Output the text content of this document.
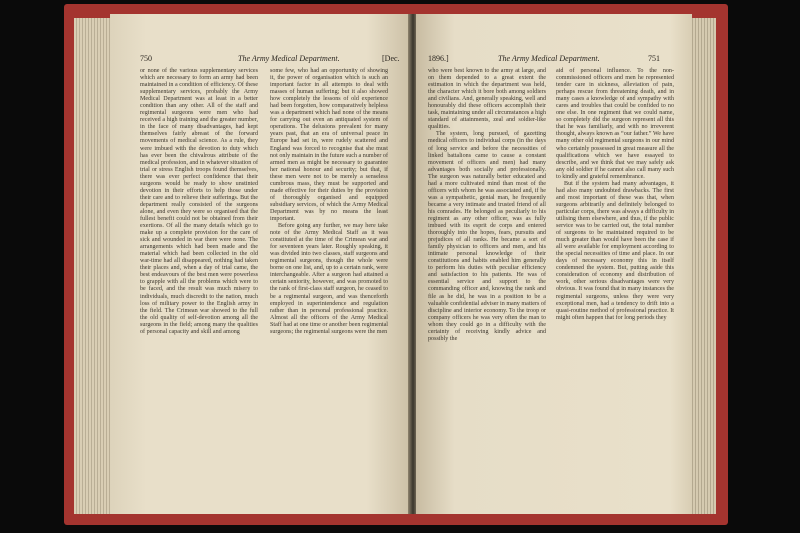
750	The Army Medical Department.	[Dec.

or none of the various supplementary services which are necessary to form an army had been maintained in a condition of efficiency. Of these supplementary services, probably the Army Medical Department was at least in a better condition than any other. All of the staff and regimental surgeons were men who had received a high training and the greater number, in the face of many disadvantages, had kept themselves fairly abreast of the forward movements of medical science. As a rule, they were imbued with the devotion to duty which has ever been the chivalrous attribute of the medical profession, and in whatever situation of trial or stress English troops found themselves, there was ever perfect confidence that their surgeons would be ready to show unstinted devotion in their efforts to help those under their care and to relieve their sufferings. But the department really consisted of the surgeons alone, and even they were so organised that the fullest benefit could not be obtained from their exertions. Of all the many details which go to make up a complete provision for the care of sick and wounded in war there were none. The arrangements which had been made and the material which had been collected in the old war-time had all disappeared, nothing had taken their places and, when a day of trial came, the best endeavours of the best men were powerless to grapple with all the problems which were to be faced, and the result was much misery to individuals, much discredit to the nation, much loss of military power to the English army in the field. The Crimean war showed to the full the old quality of self-devotion among all the surgeons in the field; among many the qualities of personal capacity and skill and among

some few, who had an opportunity of showing it, the power of organisation which is such an important factor in all attempts to deal with masses of human suffering; but it also showed how completely the lessons of old experience had been forgotten, how comparatively helpless was a department which had none of the means for carrying out even an antiquated system of operations. The delusions prevalent for many years past, that an era of universal peace in Europe had set in, were rudely scattered and England was forced to recognise that she must not only maintain in the future such a number of armed men as might be necessary to guarantee her national honour and security; but that, if these men were not to be merely a senseless cumbrous mass, they must be supported and made effective for their duties by the provision of thoroughly organised and equipped subsidiary services, of which the Army Medical Department was by no means the least important.

Before going any further, we may here take note of the Army Medical Staff as it was constituted at the time of the Crimean war and for seventeen years later. Roughly speaking, it was divided into two classes, staff surgeons and regimental surgeons, though the whole were borne on one list, and, up to a certain rank, were interchangeable. After a surgeon had attained a certain seniority, however, and was promoted to the rank of first-class staff surgeon, he ceased to be a regimental surgeon, and was thenceforth employed in superintendence and regulation rather than in personal professional practice. Almost all the officers of the Army Medical Staff had at one time or another been regimental surgeons; the regimental surgeons were the men

1896.]	The Army Medical Department.	751

who were best known to the army at large, and on them depended to a great extent the estimation in which the department was held, the character which it bore both among soldiers and civilians. And, generally speaking, well and honourably did these officers accomplish their task, maintaining under all circumstances a high standard of attainments, zeal and soldier-like qualities.

The system, long pursued, of gazetting medical officers to individual corps (in the days of long service and before the necessities of linked battalions came to cause a constant movement of officers and men) had many advantages both socially and professionally. The surgeon was naturally better educated and had a more cultivated mind than most of the officers with whom he was associated and, if he was a sympathetic, genial man, he frequently became a very intimate and trusted friend of all his comrades. He belonged as peculiarly to his regiment as any other officer, was as fully imbued with its esprit de corps and entered thoroughly into the hopes, fears, pursuits and prejudices of all ranks. He became a sort of family physician to officers and men, and his intimate personal knowledge of their constitutions and habits enabled him generally to perform his duties with peculiar efficiency and satisfaction to his patients. He was of essential service and support to the commanding officer and, knowing the rank and file as he did, he was in a position to be a valuable confidential adviser in many matters of discipline and interior economy. To the troop or company officers he was very often the man to whom they could go in a difficulty with the certainty of receiving kindly advice and possibly the

aid of personal influence. To the non-commissioned officers and men he represented tender care in sickness, alleviation of pain, perhaps rescue from threatening death, and in many cases a knowledge of and sympathy with cares and troubles that could be confided to no one else. In one regiment that we could name, so completely did the surgeon represent all this that he was familiarly, and with no irreverent thought, always known as “our father.” We have many other old regimental surgeons in our mind who certainly possessed in great measure all the qualifications which we have essayed to describe, and we think that we may safely ask any old soldier if he cannot also call many such to kindly and grateful remembrance.

But if the system had many advantages, it had also many undoubted drawbacks. The first and most important of these was that, when surgeons arbitrarily and definitely belonged to particular corps, there was always a difficulty in utilising them elsewhere, and thus, if the public service was to be carried out, the total number of surgeons to be maintained required to be much greater than would have been the case if all were available for employment according to the special necessities of time and place. In our days of necessary economy this in itself condemned the system. But, putting aside this consideration of economy and distribution of work, other serious disadvantages were very obvious. It was found that in many instances the regimental surgeons, unless they were very exceptional men, had a tendency to drift into a quasi-routine method of professional practice. It might often happen that for long periods they
